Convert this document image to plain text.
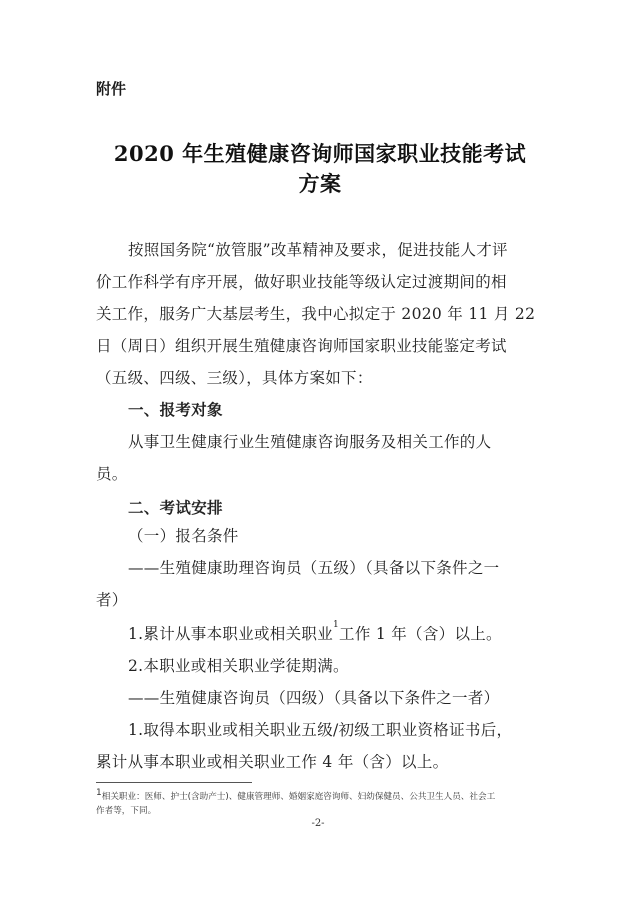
附件
2020 年生殖健康咨询师国家职业技能考试
方案
按照国务院“放管服”改革精神及要求，促进技能人才评
价工作科学有序开展，做好职业技能等级认定过渡期间的相
关工作，服务广大基层考生，我中心拟定于 2020 年 11 月 22
日（周日）组织开展生殖健康咨询师国家职业技能鉴定考试
（五级、四级、三级），具体方案如下：
一、报考对象
从事卫生健康行业生殖健康咨询服务及相关工作的人
员。
二、考试安排
（一）报名条件
——生殖健康助理咨询员（五级）（具备以下条件之一
者）
1.累计从事本职业或相关职业$^1$工作 1 年（含）以上。
2.本职业或相关职业学徒期满。
——生殖健康咨询员（四级）（具备以下条件之一者）
1.取得本职业或相关职业五级/初级工职业资格证书后，
累计从事本职业或相关职业工作 4 年（含）以上。
$^1$相关职业：医师、护士(含助产士)、健康管理师、婚姻家庭咨询师、妇幼保健员、公共卫生人员、社会工
作者等，下同。
-2-
